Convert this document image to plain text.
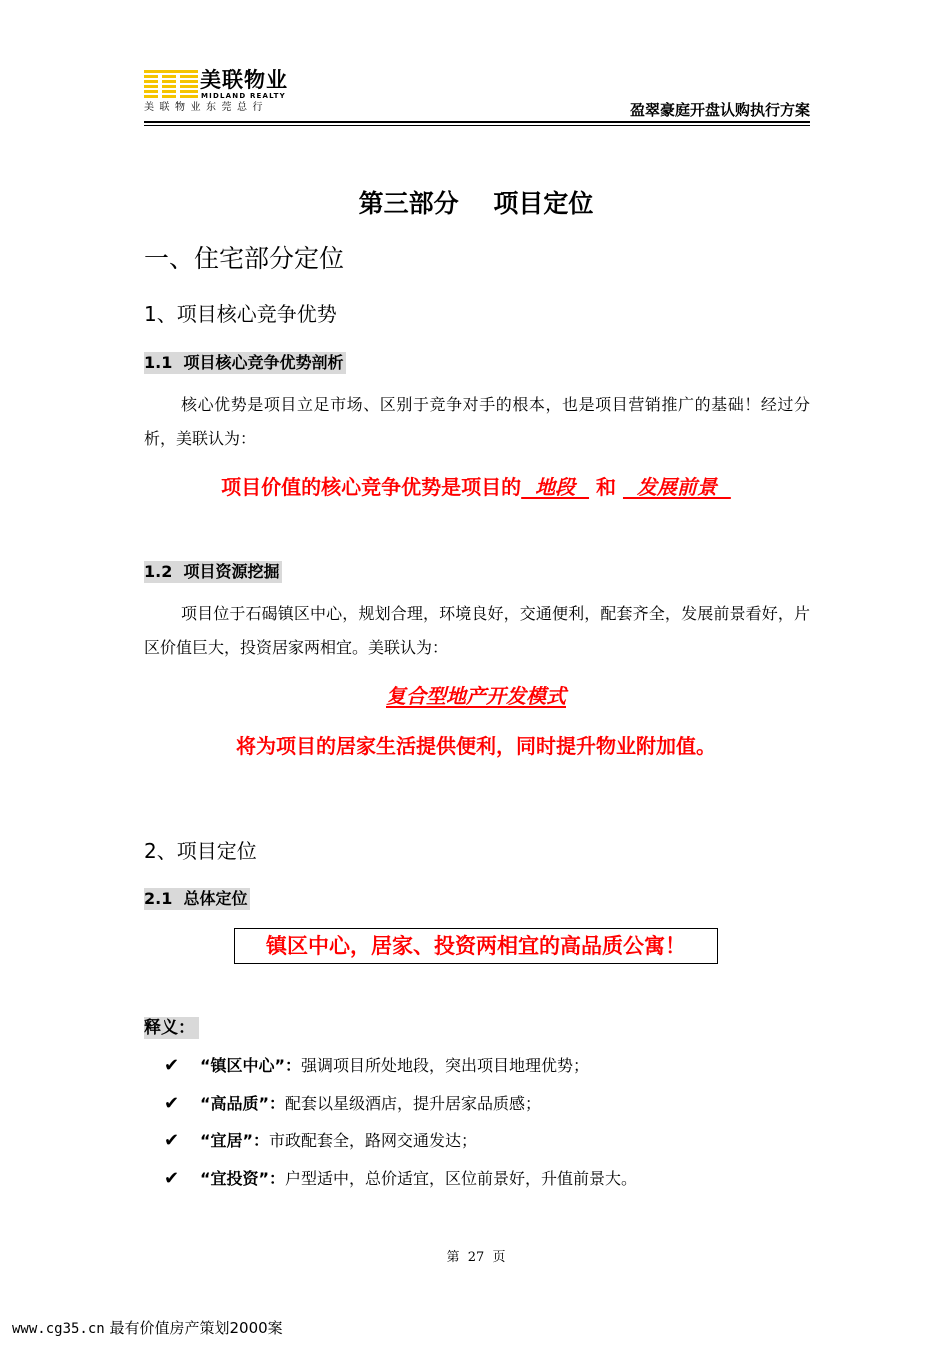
美联物业
MIDLAND REALTY
美联物业东莞总行	盈翠豪庭开盘认购执行方案
第三部分    项目定位
一、住宅部分定位
1、项目核心竞争优势
1.1  项目核心竞争优势剖析
核心优势是项目立足市场、区别于竞争对手的根本，也是项目营销推广的基础！经过分析，美联认为：
项目价值的核心竞争优势是项目的  地段   和   发展前景
1.2  项目资源挖掘
项目位于石碣镇区中心，规划合理，环境良好，交通便利，配套齐全，发展前景看好，片区价值巨大，投资居家两相宜。美联认为：
复合型地产开发模式
将为项目的居家生活提供便利，同时提升物业附加值。
2、项目定位
2.1  总体定位
镇区中心，居家、投资两相宜的高品质公寓！
释义：
✔ “镇区中心”：强调项目所处地段，突出项目地理优势；
✔ “高品质”：配套以星级酒店，提升居家品质感；
✔ “宜居”：市政配套全，路网交通发达；
✔ “宜投资”：户型适中，总价适宜，区位前景好，升值前景大。
第  27  页
www.cg35.cn 最有价值房产策划2000案
